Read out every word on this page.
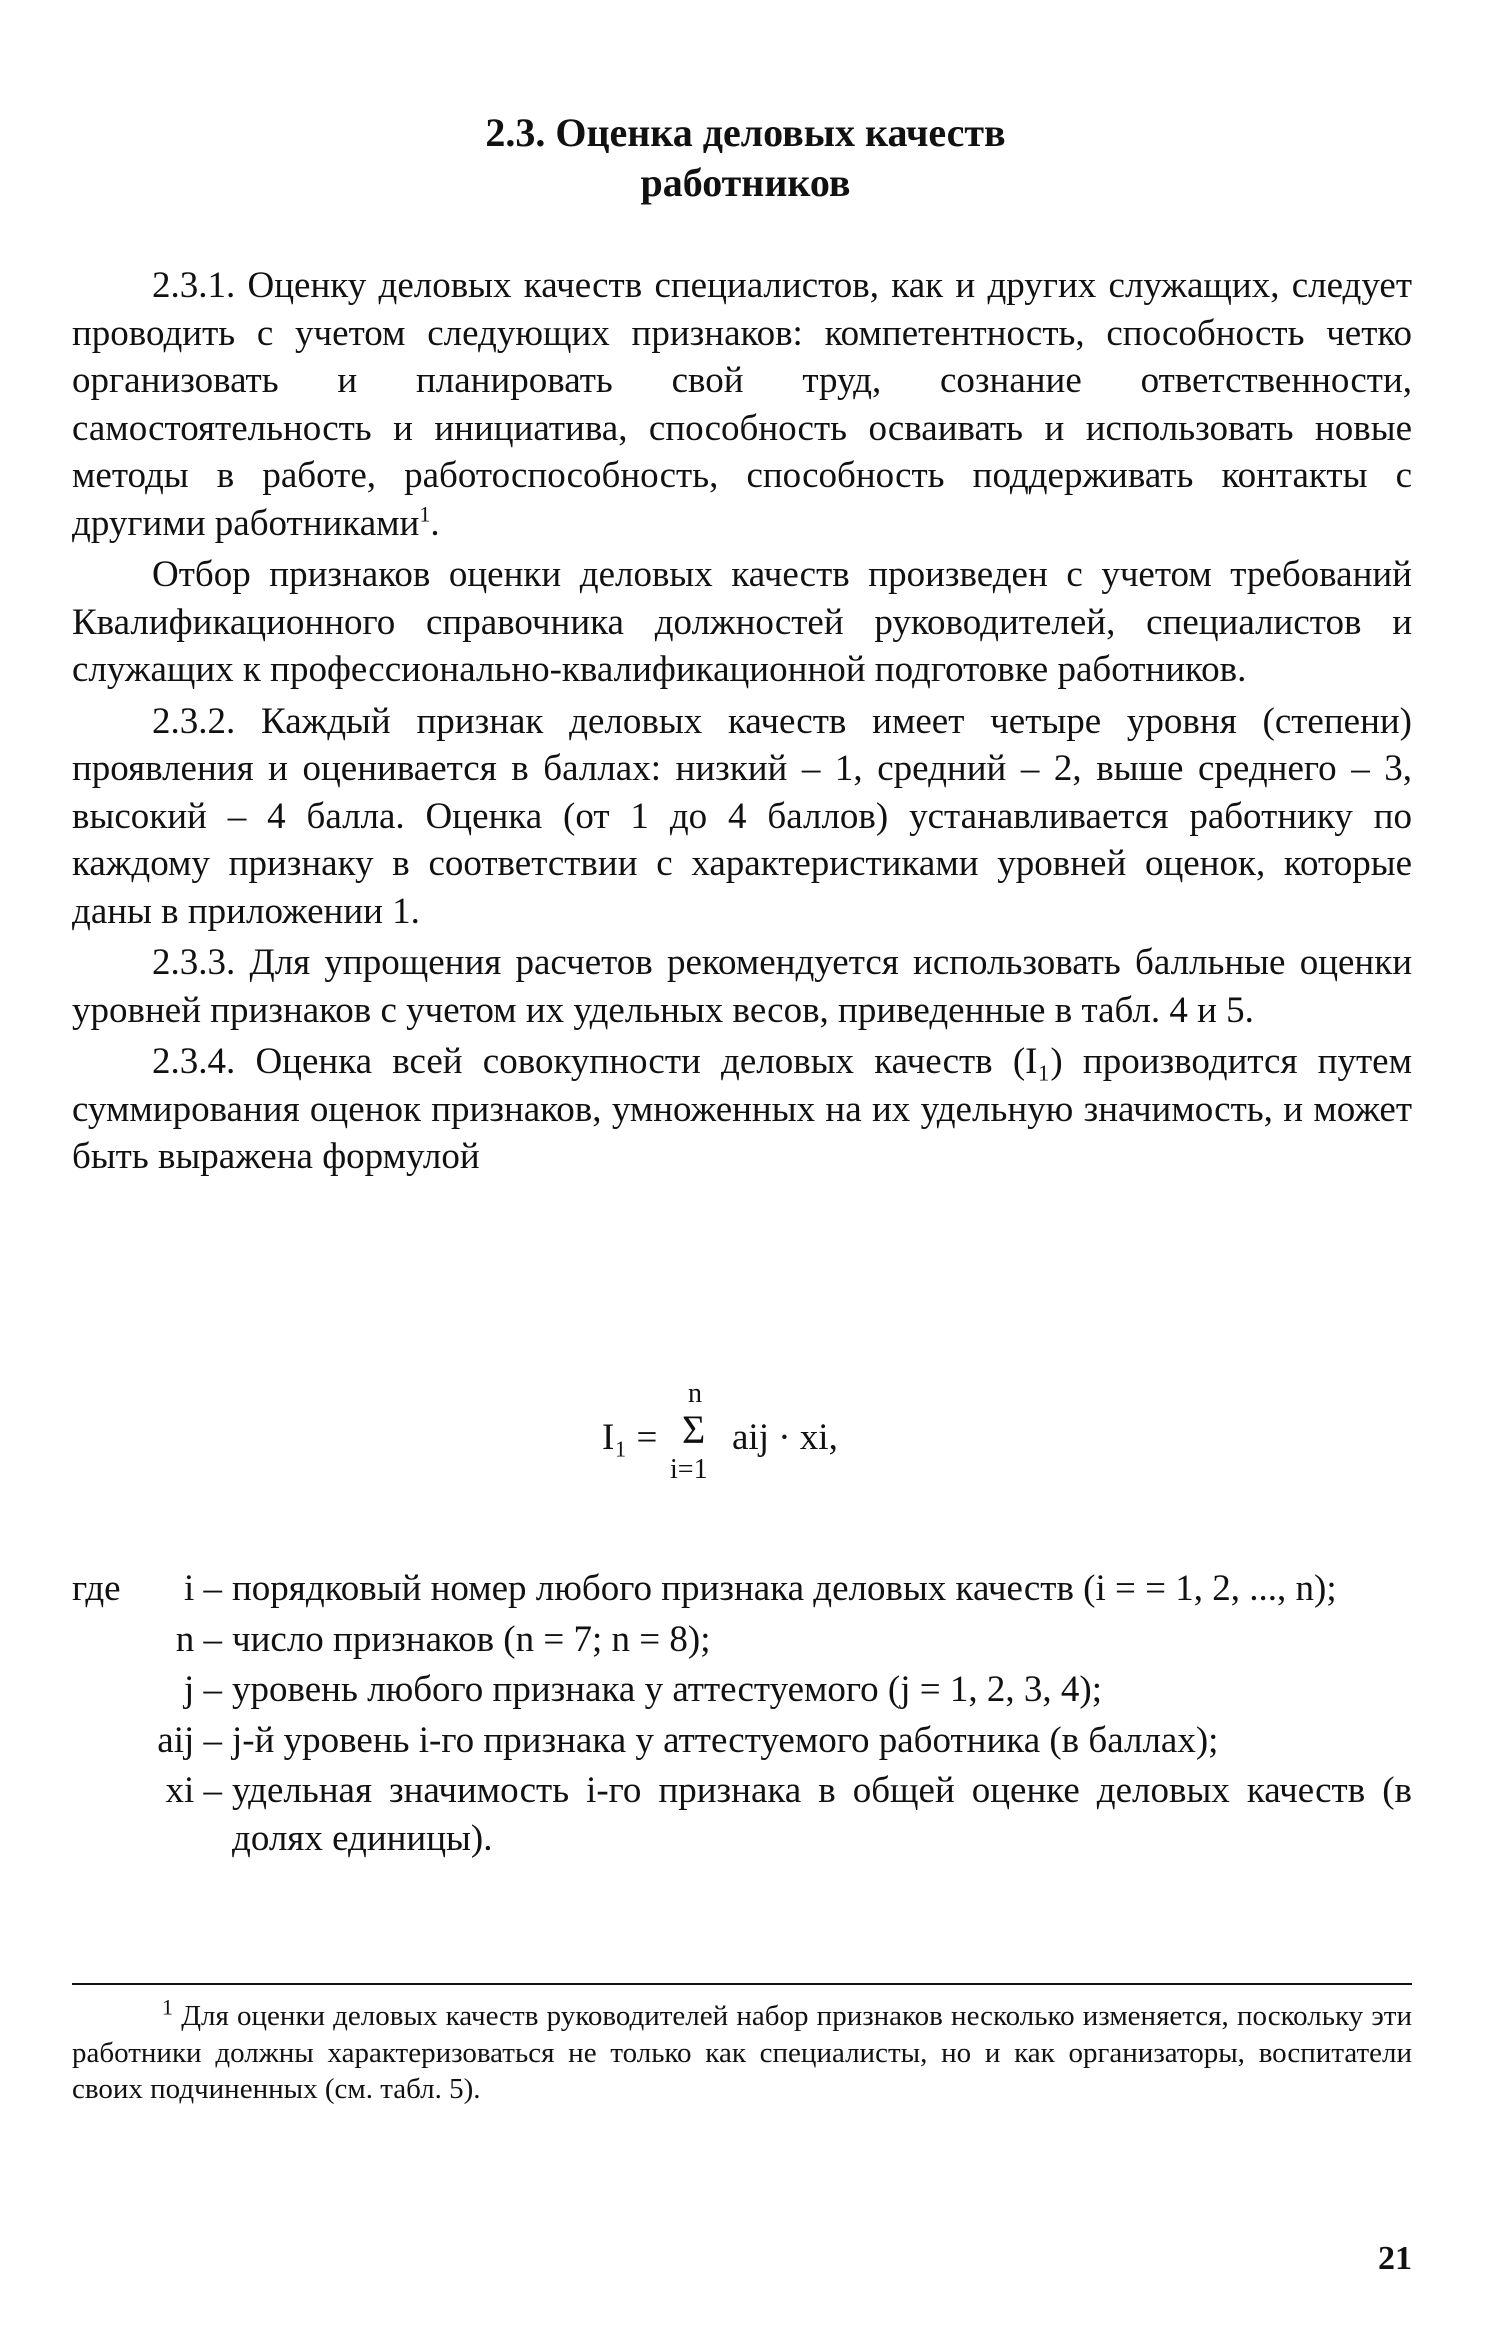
2.3. Оценка деловых качеств
работников

2.3.1. Оценку деловых качеств специалистов, как и других служащих, следует проводить с учетом следующих признаков: компетентность, способность четко организовать и планировать свой труд, сознание ответственности, самостоятельность и инициатива, способность осваивать и использовать новые методы в работе, работоспособность, способность поддерживать контакты с другими работниками$^1$.

Отбор признаков оценки деловых качеств произведен с учетом требований Квалификационного справочника должностей руководителей, специалистов и служащих к профессионально-квалификационной подготовке работников.

2.3.2. Каждый признак деловых качеств имеет четыре уровня (степени) проявления и оценивается в баллах: низкий – 1, средний – 2, выше среднего – 3, высокий – 4 балла. Оценка (от 1 до 4 баллов) устанавливается работнику по каждому признаку в соответствии с характеристиками уровней оценок, которые даны в приложении 1.

2.3.3. Для упрощения расчетов рекомендуется использовать балльные оценки уровней признаков с учетом их удельных весов, приведенные в табл. 4 и 5.

2.3.4. Оценка всей совокупности деловых качеств (I₁) производится путем суммирования оценок признаков, умноженных на их удельную значимость, и может быть выражена формулой

I₁ =
n
Σ
i=1
aij · xi,
где i – порядковый номер любого признака деловых качеств (i = = 1, 2, ..., n);
n – число признаков (n = 7; n = 8);
j – уровень любого признака у аттестуемого (j = 1, 2, 3, 4);
aij – j-й уровень i-го признака у аттестуемого работника (в баллах);
xi – удельная значимость i-го признака в общей оценке деловых качеств (в долях единицы).

$^1$ Для оценки деловых качеств руководителей набор признаков несколько изменяется, поскольку эти работники должны характеризоваться не только как специалисты, но и как организаторы, воспитатели своих подчиненных (см. табл. 5).

21
